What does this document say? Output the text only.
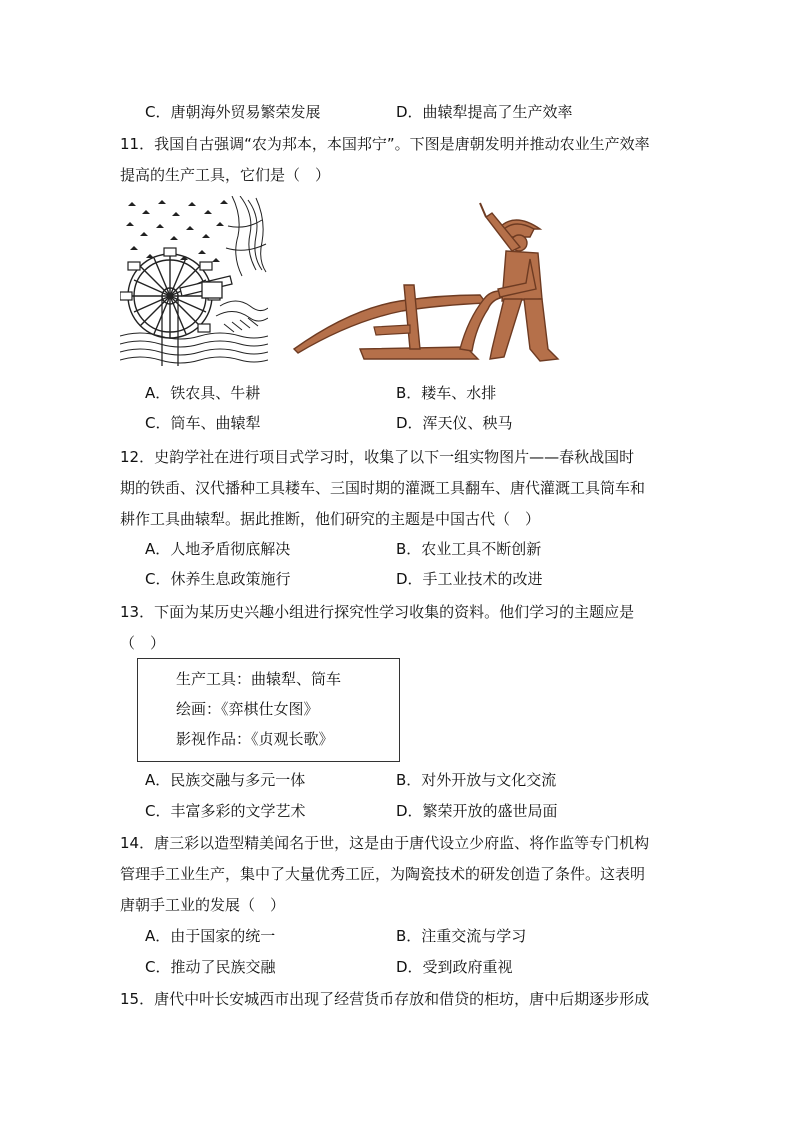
C．唐朝海外贸易繁荣发展	D．曲辕犁提高了生产效率
11．我国自古强调“农为邦本，本国邦宁”。下图是唐朝发明并推动农业生产效率
提高的生产工具，它们是（　）
A．铁农具、牛耕	B．耧车、水排
C．筒车、曲辕犁	D．浑天仪、秧马
12．史韵学社在进行项目式学习时，收集了以下一组实物图片——春秋战国时
期的铁臿、汉代播种工具耧车、三国时期的灌溉工具翻车、唐代灌溉工具筒车和
耕作工具曲辕犁。据此推断，他们研究的主题是中国古代（　）
A．人地矛盾彻底解决	B．农业工具不断创新
C．休养生息政策施行	D．手工业技术的改进
13．下面为某历史兴趣小组进行探究性学习收集的资料。他们学习的主题应是
（　）
生产工具：曲辕犁、筒车
绘画：《弈棋仕女图》
影视作品：《贞观长歌》
A．民族交融与多元一体	B．对外开放与文化交流
C．丰富多彩的文学艺术	D．繁荣开放的盛世局面
14．唐三彩以造型精美闻名于世，这是由于唐代设立少府监、将作监等专门机构
管理手工业生产，集中了大量优秀工匠，为陶瓷技术的研发创造了条件。这表明
唐朝手工业的发展（　）
A．由于国家的统一	B．注重交流与学习
C．推动了民族交融	D．受到政府重视
15．唐代中叶长安城西市出现了经营货币存放和借贷的柜坊，唐中后期逐步形成
